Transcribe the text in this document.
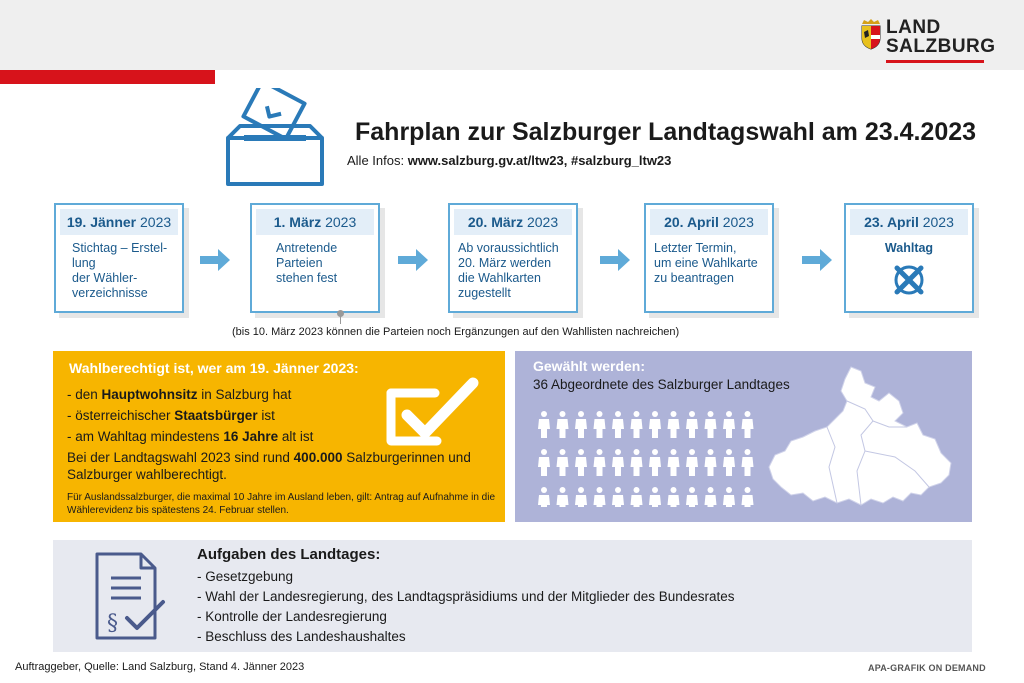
LAND
SALZBURG
Fahrplan zur Salzburger Landtagswahl am 23.4.2023
Alle Infos: www.salzburg.gv.at/ltw23, #salzburg_ltw23
19. Jänner 2023
Stichtag – Erstel-
lung
der Wähler-
verzeichnisse
1. März 2023
Antretende
Parteien
stehen fest
20. März 2023
Ab voraussichtlich
20. März werden
die Wahlkarten
zugestellt
20. April 2023
Letzter Termin,
um eine Wahlkarte
zu beantragen
23. April 2023
Wahltag
(bis 10. März 2023 können die Parteien noch Ergänzungen auf den Wahllisten nachreichen)
Wahlberechtigt ist, wer am 19. Jänner 2023:
- den Hauptwohnsitz in Salzburg hat
- österreichischer Staatsbürger ist
- am Wahltag mindestens 16 Jahre alt ist
Bei der Landtagswahl 2023 sind rund 400.000 Salzburgerinnen und Salzburger wahlberechtigt.
Für Auslandssalzburger, die maximal 10 Jahre im Ausland leben, gilt: Antrag auf Aufnahme in die Wählerevidenz bis spätestens 24. Februar stellen.
Gewählt werden:
36 Abgeordnete des Salzburger Landtages
§
Aufgaben des Landtages:
- Gesetzgebung
- Wahl der Landesregierung, des Landtagspräsidiums und der Mitglieder des Bundesrates
- Kontrolle der Landesregierung
- Beschluss des Landeshaushaltes
Auftraggeber, Quelle: Land Salzburg, Stand 4. Jänner 2023	APA-GRAFIK ON DEMAND
